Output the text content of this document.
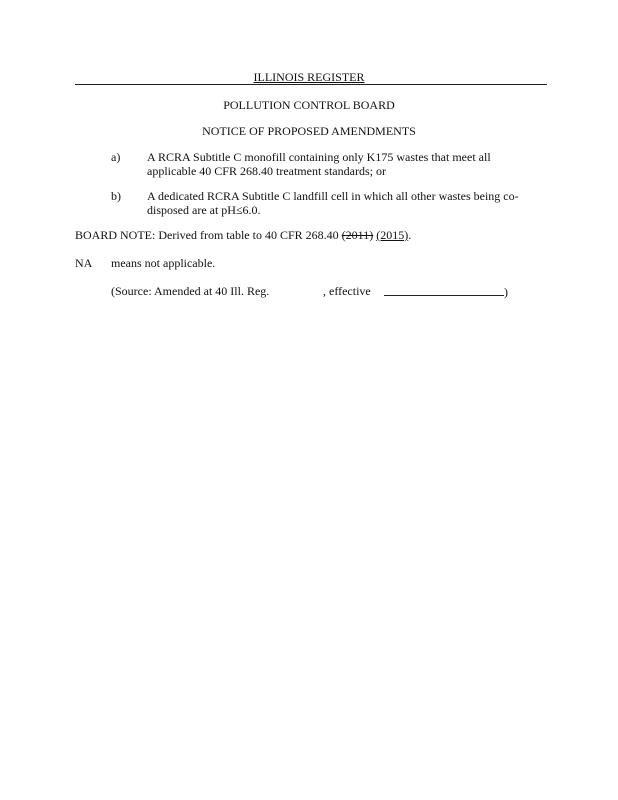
ILLINOIS REGISTER
POLLUTION CONTROL BOARD
NOTICE OF PROPOSED AMENDMENTS
a) A RCRA Subtitle C monofill containing only K175 wastes that meet all
applicable 40 CFR 268.40 treatment standards; or
b) A dedicated RCRA Subtitle C landfill cell in which all other wastes being co-
disposed are at pH≤6.0.
BOARD NOTE: Derived from table to 40 CFR 268.40 (2011) (2015).
NA means not applicable.
(Source: Amended at 40 Ill. Reg.	, effective	)
